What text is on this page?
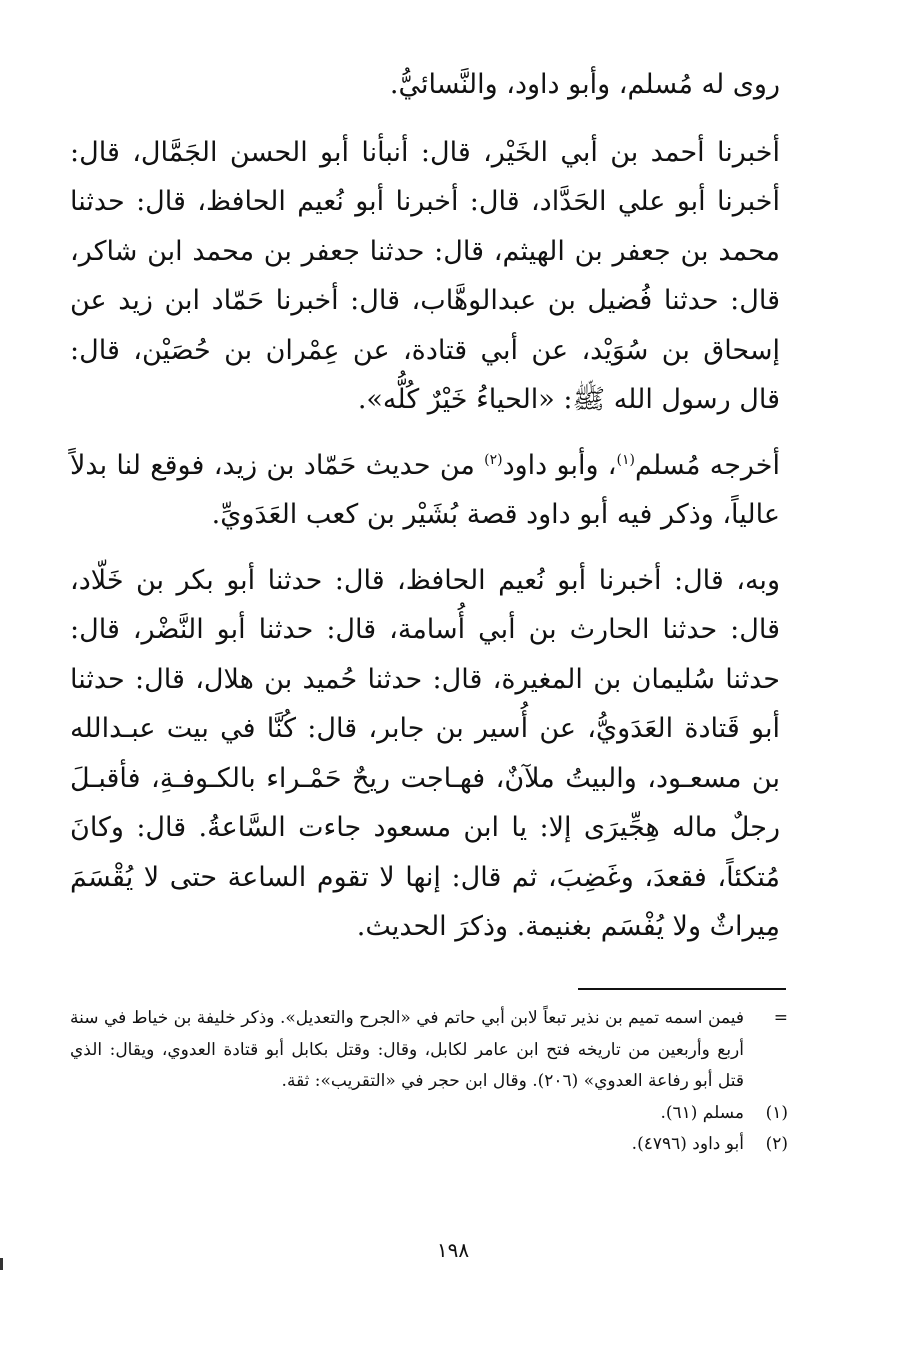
روى له مُسلم، وأبو داود، والنَّسائيُّ.

أخبرنا أحمد بن أبي الخَيْر، قال: أنبأنا أبو الحسن الجَمَّال، قال: أخبرنا أبو علي الحَدَّاد، قال: أخبرنا أبو نُعيم الحافظ، قال: حدثنا محمد بن جعفر بن الهيثم، قال: حدثنا جعفر بن محمد ابن شاكر، قال: حدثنا فُضيل بن عبدالوهَّاب، قال: أخبرنا حَمّاد ابن زيد عن إسحاق بن سُوَيْد، عن أبي قتادة، عن عِمْران بن حُصَيْن، قال: قال رسول الله ﷺ: «الحياءُ خَيْرٌ كُلُّه».

أخرجه مُسلم$^{(١)}$، وأبو داود$^{(٢)}$ من حديث حَمّاد بن زيد، فوقع لنا بدلاً عالياً، وذكر فيه أبو داود قصة بُشَيْر بن كعب العَدَويِّ.

وبه، قال: أخبرنا أبو نُعيم الحافظ، قال: حدثنا أبو بكر بن خَلّاد، قال: حدثنا الحارث بن أبي أُسامة، قال: حدثنا أبو النَّضْر، قال: حدثنا سُليمان بن المغيرة، قال: حدثنا حُميد بن هلال، قال: حدثنا أبو قَتادة العَدَويُّ، عن أُسير بن جابر، قال: كُنَّا في بيت عبـدالله بن مسعـود، والبيتُ ملآنٌ، فهـاجت ريحٌ حَمْـراء بالكـوفـةِ، فأقبـلَ رجلٌ ماله هِجِّيرَى إلا: يا ابن مسعود جاءت السَّاعةُ. قال: وكانَ مُتكئاً، فقعدَ، وغَضِبَ، ثم قال: إنها لا تقوم الساعة حتى لا يُقْسَمَ مِيراثٌ ولا يُفْسَم بغنيمة. وذكرَ الحديث.

=
فيمن اسمه تميم بن نذير تبعاً لابن أبي حاتم في «الجرح والتعديل». وذكر خليفة بن خياط في سنة أربع وأربعين من تاريخه فتح ابن عامر لكابل، وقال: وقتل بكابل أبو قتادة العدوي، ويقال: الذي قتل أبو رفاعة العدوي» (٢٠٦). وقال ابن حجر في «التقريب»: ثقة.
(١)
مسلم (٦١).
(٢)
أبو داود (٤٧٩٦).
١٩٨
